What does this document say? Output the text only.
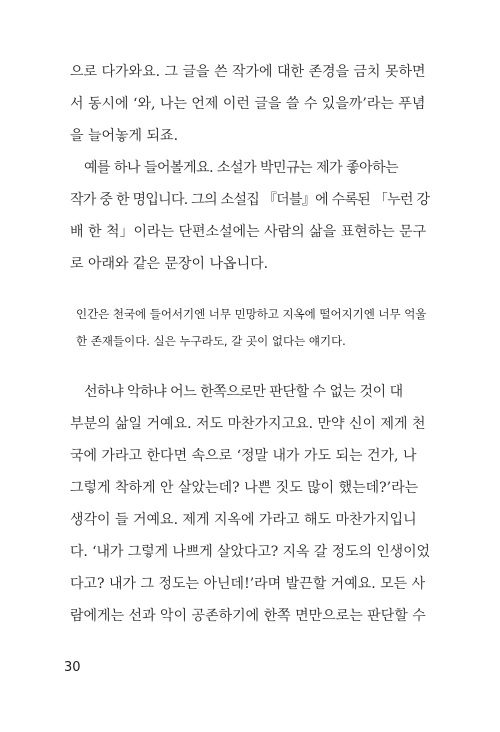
으로 다가와요. 그 글을 쓴 작가에 대한 존경을 금치 못하면
서 동시에 ‘와, 나는 언제 이런 글을 쓸 수 있을까’라는 푸념
을 늘어놓게 되죠.
예를 하나 들어볼게요. 소설가 박민규는 제가 좋아하는
작가 중 한 명입니다. 그의 소설집 『더블』에 수록된 「누런 강
배 한 척」이라는 단편소설에는 사람의 삶을 표현하는 문구
로 아래와 같은 문장이 나옵니다.
인간은 천국에 들어서기엔 너무 민망하고 지옥에 떨어지기엔 너무 억울
한 존재들이다. 실은 누구라도, 갈 곳이 없다는 얘기다.
선하냐 악하냐 어느 한쪽으로만 판단할 수 없는 것이 대
부분의 삶일 거예요. 저도 마찬가지고요. 만약 신이 제게 천
국에 가라고 한다면 속으로 ‘정말 내가 가도 되는 건가, 나
그렇게 착하게 안 살았는데? 나쁜 짓도 많이 했는데?’라는
생각이 들 거예요. 제게 지옥에 가라고 해도 마찬가지입니
다. ‘내가 그렇게 나쁘게 살았다고? 지옥 갈 정도의 인생이었
다고? 내가 그 정도는 아닌데!’라며 발끈할 거예요. 모든 사
람에게는 선과 악이 공존하기에 한쪽 면만으로는 판단할 수
30
